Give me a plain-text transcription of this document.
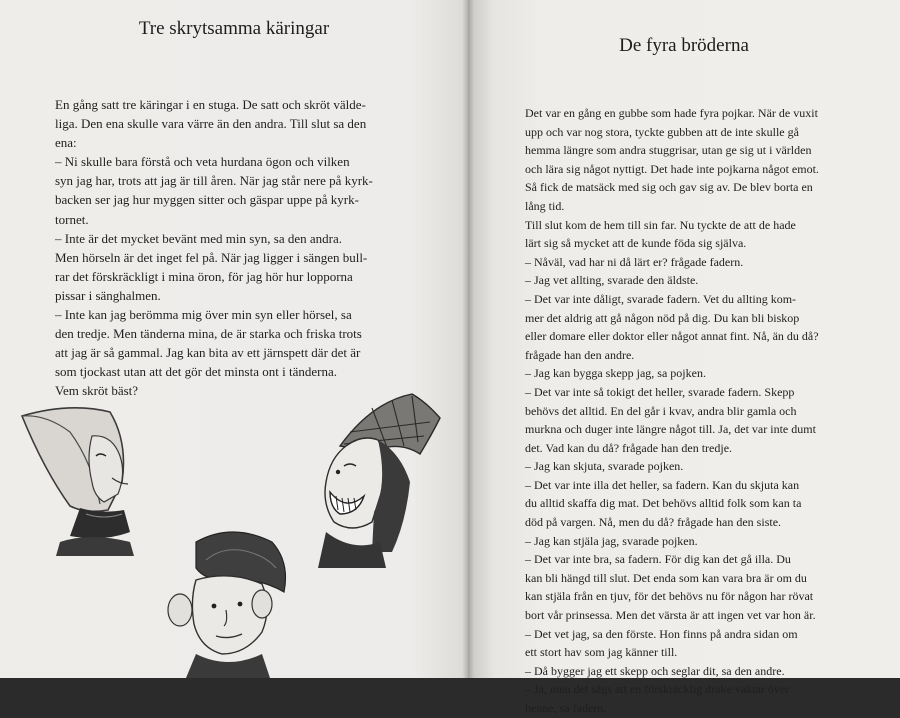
Tre skrytsamma käringar
En gång satt tre käringar i en stuga. De satt och skröt välde-
liga. Den ena skulle vara värre än den andra. Till slut sa den
ena:
– Ni skulle bara förstå och veta hurdana ögon och vilken
syn jag har, trots att jag är till åren. När jag står nere på kyrk-
backen ser jag hur myggen sitter och gäspar uppe på kyrk-
tornet.
– Inte är det mycket bevänt med min syn, sa den andra.
Men hörseln är det inget fel på. När jag ligger i sängen bull-
rar det förskräckligt i mina öron, för jag hör hur lopporna
pissar i sänghalmen.
– Inte kan jag berömma mig över min syn eller hörsel, sa
den tredje. Men tänderna mina, de är starka och friska trots
att jag är så gammal. Jag kan bita av ett järnspett där det är
som tjockast utan att det gör det minsta ont i tänderna.
Vem skröt bäst?
De fyra bröderna
Det var en gång en gubbe som hade fyra pojkar. När de vuxit
upp och var nog stora, tyckte gubben att de inte skulle gå
hemma längre som andra stuggrisar, utan ge sig ut i världen
och lära sig något nyttigt. Det hade inte pojkarna något emot.
Så fick de matsäck med sig och gav sig av. De blev borta en
lång tid.
Till slut kom de hem till sin far. Nu tyckte de att de hade
lärt sig så mycket att de kunde föda sig själva.
– Nåväl, vad har ni då lärt er? frågade fadern.
– Jag vet allting, svarade den äldste.
– Det var inte dåligt, svarade fadern. Vet du allting kom-
mer det aldrig att gå någon nöd på dig. Du kan bli biskop
eller domare eller doktor eller något annat fint. Nå, än du då?
frågade han den andre.
– Jag kan bygga skepp jag, sa pojken.
– Det var inte så tokigt det heller, svarade fadern. Skepp
behövs det alltid. En del går i kvav, andra blir gamla och
murkna och duger inte längre något till. Ja, det var inte dumt
det. Vad kan du då? frågade han den tredje.
– Jag kan skjuta, svarade pojken.
– Det var inte illa det heller, sa fadern. Kan du skjuta kan
du alltid skaffa dig mat. Det behövs alltid folk som kan ta
död på vargen. Nå, men du då? frågade han den siste.
– Jag kan stjäla jag, svarade pojken.
– Det var inte bra, sa fadern. För dig kan det gå illa. Du
kan bli hängd till slut. Det enda som kan vara bra är om du
kan stjäla från en tjuv, för det behövs nu för någon har rövat
bort vår prinsessa. Men det värsta är att ingen vet var hon är.
– Det vet jag, sa den förste. Hon finns på andra sidan om
ett stort hav som jag känner till.
– Då bygger jag ett skepp och seglar dit, sa den andre.
– Ja, men det sägs att en förskräcklig drake vaktar över
henne, sa fadern.
